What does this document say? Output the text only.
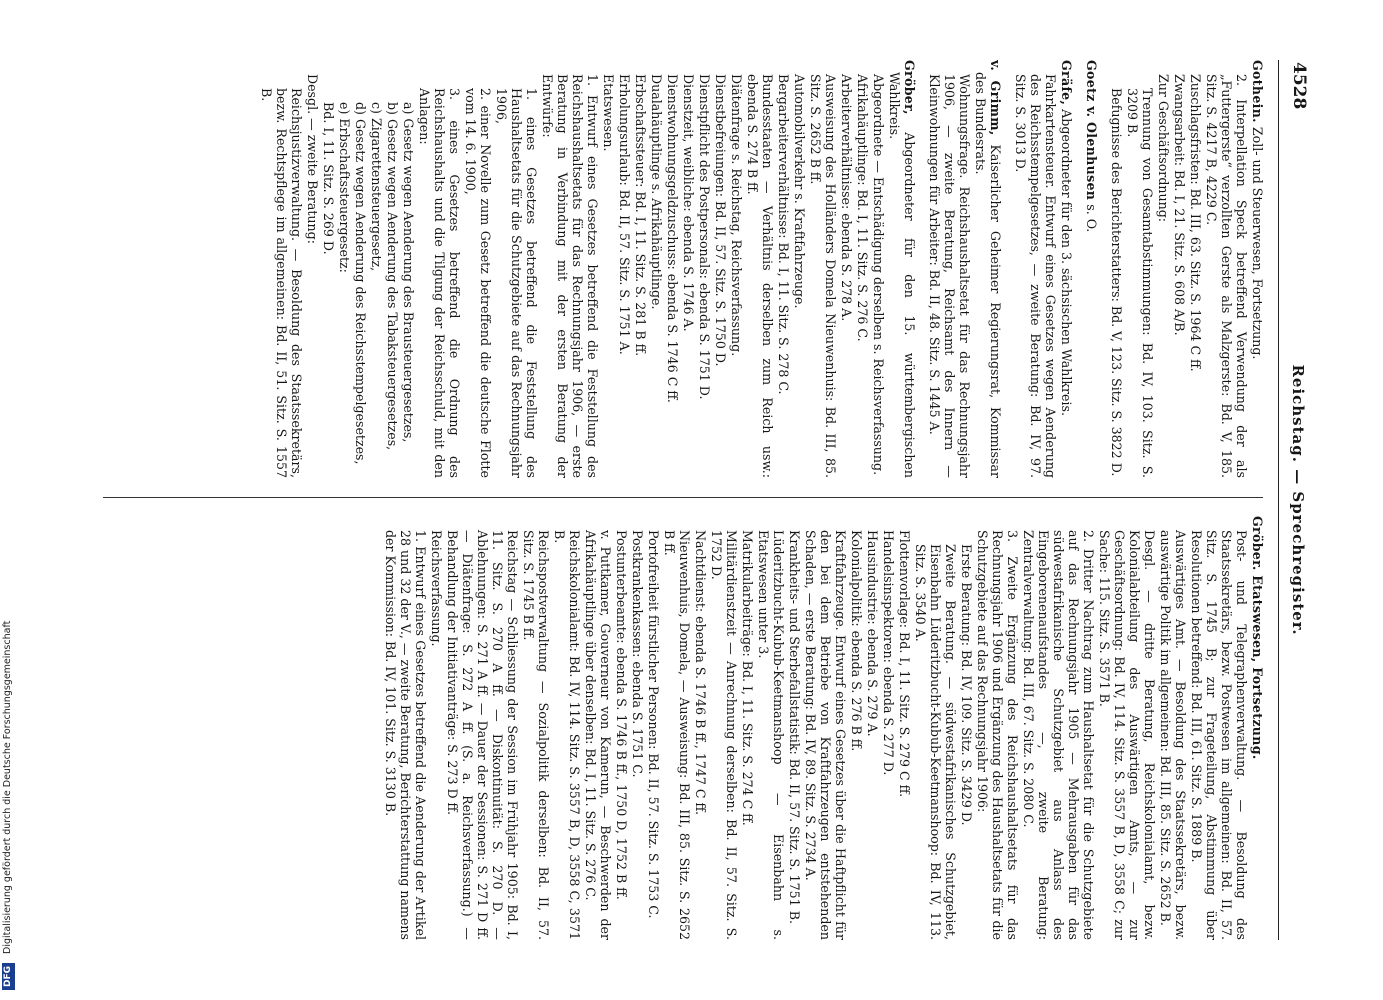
4528
Reichstag. — Sprechregister.
Gothein. Zoll- und Steuerwesen, Fortsetzung.
2. Interpellation Speck betreffend Verwendung der als „Futtergerste“ verzollten Gerste als Malzgerste: Bd. V, 185. Sitz. S. 4217 B, 4229 C.
Zuschlagsfristen: Bd. III, 63. Sitz. S. 1964 C ff.
Zwangsarbeit: Bd. I, 21. Sitz. S. 608 A/B.
Zur Geschäftsordnung:
Trennung von Gesamtabstimmungen: Bd. IV, 103. Sitz. S. 3209 B.
Befugnisse des Berichterstatters: Bd. V, 123. Sitz. S. 3822 D.
Goetz v. Olenhusen s. O.
Gräfe, Abgeordneter für den 3. sächsischen Wahlkreis.
Fahrkartensteuer. Entwurf eines Gesetzes wegen Aenderung des Reichsstempelgesetzes, — zweite Beratung: Bd. IV, 97. Sitz. S. 3013 D.
v. Grimm, Kaiserlicher Geheimer Regierungsrat, Kommissar des Bundesrats.
Wohnungsfrage. Reichshaushaltsetat für das Rechnungsjahr 1906, — zweite Beratung, Reichsamt des Innern — Kleinwohnungen für Arbeiter: Bd. II, 48. Sitz. S. 1445 A.
Gröber, Abgeordneter für den 15. württembergischen Wahlkreis.
Abgeordnete — Entschädigung derselben s. Reichsverfassung.
Afrikahäuptlinge: Bd. I, 11. Sitz. S. 276 C.
Arbeiterverhältnisse: ebenda S. 278 A.
Ausweisung des Holländers Domela Nieuwenhuis: Bd. III, 85. Sitz. S. 2652 B ff.
Automobilverkehr s. Kraftfahrzeuge.
Bergarbeiterverhältnisse: Bd. I, 11. Sitz. S. 278 C.
Bundesstaaten — Verhältnis derselben zum Reich usw.: ebenda S. 274 B ff.
Diätenfrage s. Reichstag, Reichsverfassung.
Dienstbefreiungen: Bd. II, 57. Sitz. S. 1750 D.
Dienstpflicht des Postpersonals: ebenda S. 1751 D.
Dienstzeit, weibliche: ebenda S. 1746 A.
Dienstwohnungsgeldzuschuss: ebenda S. 1746 C ff.
Dualahäuptlinge s. Afrikahäuptlinge.
Erbschaftssteuer: Bd. I, 11. Sitz. S. 281 B ff.
Erholungsurlaub: Bd. II, 57. Sitz. S. 1751 A.
Etatswesen.
1. Entwurf eines Gesetzes betreffend die Feststellung des Reichshaushaltsetats für das Rechnungsjahr 1906, — erste Beratung in Verbindung mit der ersten Beratung der Entwürfe:
1. eines Gesetzes betreffend die Feststellung des Haushaltsetats für die Schutzgebiete auf das Rechnungsjahr 1906,
2. einer Novelle zum Gesetz betreffend die deutsche Flotte vom 14. 6. 1900,
3. eines Gesetzes betreffend die Ordnung des Reichshaushalts und die Tilgung der Reichsschuld, mit den Anlagen:
a) Gesetz wegen Aenderung des Brausteuergesetzes,
b) Gesetz wegen Aenderung des Tabaksteuergesetzes,
c) Zigarettensteuergesetz,
d) Gesetz wegen Aenderung des Reichsstempelgesetzes,
e) Erbschaftssteuergesetz:
Bd. I, 11. Sitz. S. 269 D.
Desgl. — zweite Beratung:
Reichsjustizverwaltung. — Besoldung des Staatssekretärs, bezw. Rechtspflege im allgemeinen: Bd. II, 51. Sitz. S. 1557 B.
Gröber. Etatswesen, Fortsetzung.
Post- und Telegraphenverwaltung. — Besoldung des Staatssekretärs, bezw. Postwesen im allgemeinen: Bd. II, 57. Sitz. S. 1745 B; zur Frageteilung, Abstimmung über Resolutionen betreffend: Bd. III, 61. Sitz. S. 1889 B.
Auswärtiges Amt. — Besoldung des Staatssekretärs, bezw. auswärtige Politik im allgemeinen: Bd. III, 85. Sitz. S. 2652 B.
Desgl. — dritte Beratung, Reichskolonialamt, bezw. Kolonialabteilung des Auswärtigen Amts, — zur Geschäftsordnung: Bd. IV, 114. Sitz. S. 3557 B, D, 3558 C; zur Sache: 115. Sitz. S. 3571 B.
2. Dritter Nachtrag zum Haushaltsetat für die Schutzgebiete auf das Rechnungsjahr 1905 — Mehrausgaben für das südwestafrikanische Schutzgebiet aus Anlass des Eingeborenenaufstandes —, zweite Beratung: Zentralverwaltung: Bd. III, 67. Sitz. S. 2080 C.
3. Zweite Ergänzung des Reichshaushaltsetats für das Rechnungsjahr 1906 und Ergänzung des Haushaltsetats für die Schutzgebiete auf das Rechnungsjahr 1906:
Erste Beratung: Bd. IV, 109. Sitz. S. 3429 D.
Zweite Beratung. — südwestafrikanisches Schutzgebiet, Eisenbahn Lüderitzbucht-Kubub-Keetmanshoop: Bd. IV, 113. Sitz. S. 3540 A.
Flottenvorlage: Bd. I, 11. Sitz. S. 279 C ff.
Handelsinspektoren: ebenda S. 277 D.
Hausindustrie: ebenda S. 279 A.
Kolonialpolitik: ebenda S. 276 B ff.
Kraftfahrzeuge. Entwurf eines Gesetzes über die Haftpflicht für den bei dem Betriebe von Kraftfahrzeugen entstehenden Schaden, — erste Beratung: Bd. IV, 89. Sitz. S. 2734 A.
Krankheits- und Sterbefallstatistik: Bd. II, 57. Sitz. S. 1751 B.
Lüderitzbucht-Kubub-Keetmanshoop — Eisenbahn s. Etatswesen unter 3.
Matrikularbeiträge: Bd. I, 11. Sitz. S. 274 C ff.
Militärdienstzeit — Anrechnung derselben: Bd. II, 57. Sitz. S. 1752 D.
Nachtdienst: ebenda S. 1746 B ff., 1747 C ff.
Nieuwenhuis, Domela, — Ausweisung: Bd. III, 85. Sitz. S. 2652 B ff.
Portofreiheit fürstlicher Personen: Bd. II, 57. Sitz. S. 1753 C.
Postkrankenkassen: ebenda S. 1751 C.
Postunterbeamte: ebenda S. 1746 B ff., 1750 D, 1752 B ff.
v. Puttkamer, Gouverneur von Kamerun, — Beschwerden der Afrikahäuptlinge über denselben: Bd. I, 11. Sitz. S. 276 C.
Reichskolonialamt: Bd. IV, 114. Sitz. S. 3557 B, D, 3558 C, 3571 B.
Reichspostverwaltung — Sozialpolitik derselben: Bd. II, 57. Sitz. S. 1745 B ff.
Reichstag — Schliessung der Session im Frühjahr 1905: Bd. I, 11. Sitz. S. 270 A ff. — Diskontinuität: S. 270 D. — Ablehnungen: S. 271 A ff. — Dauer der Sessionen: S. 271 D ff. — Diätenfrage: S. 272 A ff. (S. a. Reichsverfassung.) — Behandlung der Initiativanträge: S. 273 D ff.
Reichsverfassung.
1. Entwurf eines Gesetzes betreffend die Aenderung der Artikel 28 und 32 der V., — zweite Beratung, Berichterstattung namens der Kommission: Bd. IV, 101. Sitz. S. 3130 B.
DFG Digitalisierung gefördert durch die Deutsche Forschungsgemeinschaft
